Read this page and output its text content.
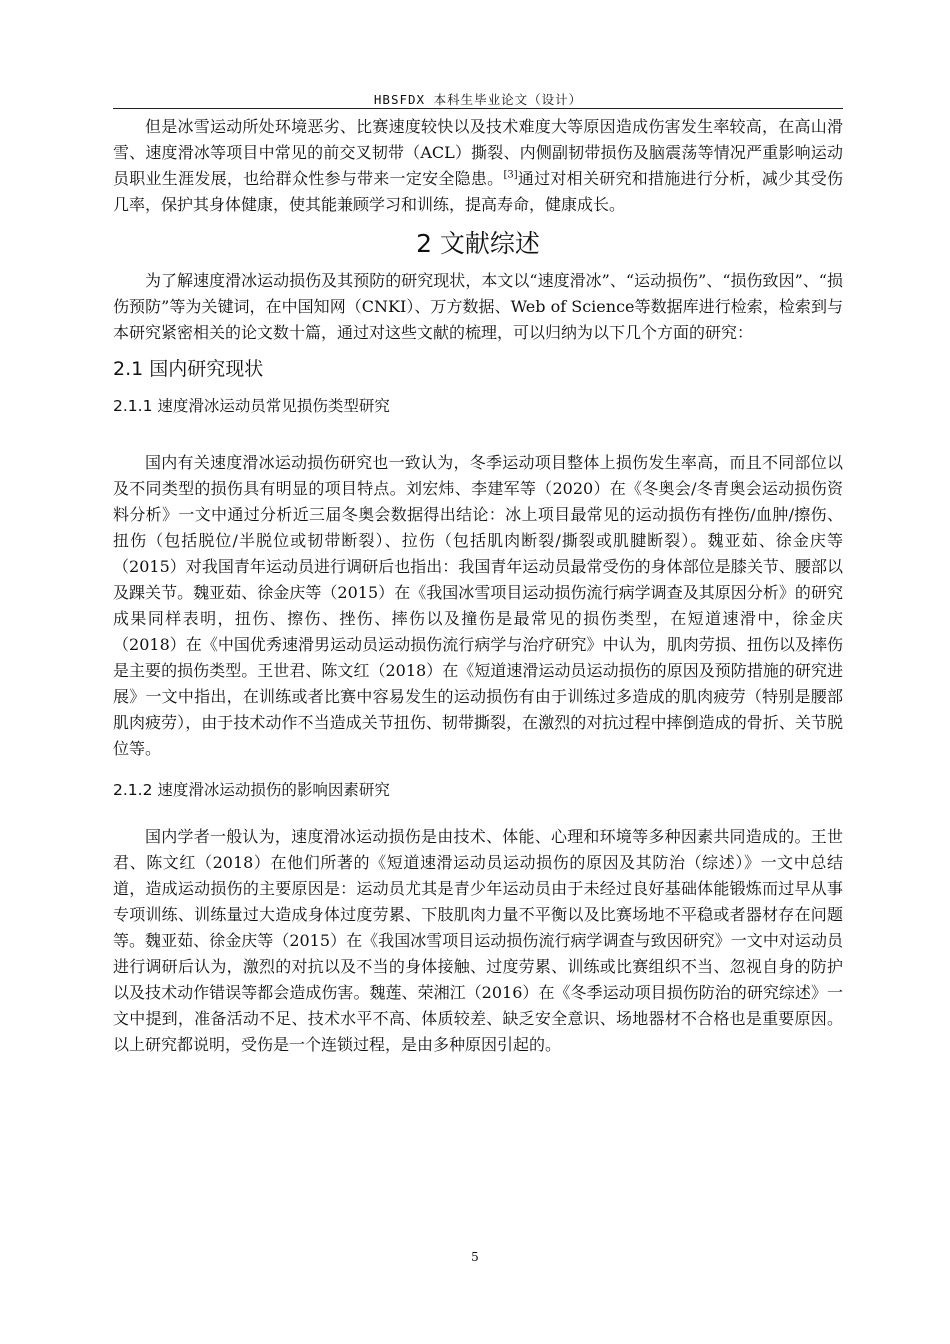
HBSFDX 本科生毕业论文（设计）

但是冰雪运动所处环境恶劣、比赛速度较快以及技术难度大等原因造成伤害发生率较高，在高山滑雪、速度滑冰等项目中常见的前交叉韧带（ACL）撕裂、内侧副韧带损伤及脑震荡等情况严重影响运动员职业生涯发展，也给群众性参与带来一定安全隐患。[3]通过对相关研究和措施进行分析，减少其受伤几率，保护其身体健康，使其能兼顾学习和训练，提高寿命，健康成长。

2 文献综述

为了解速度滑冰运动损伤及其预防的研究现状，本文以“速度滑冰”、“运动损伤”、“损伤致因”、“损伤预防”等为关键词，在中国知网（CNKI）、万方数据、Web of Science等数据库进行检索，检索到与本研究紧密相关的论文数十篇，通过对这些文献的梳理，可以归纳为以下几个方面的研究：

2.1 国内研究现状
2.1.1 速度滑冰运动员常见损伤类型研究

国内有关速度滑冰运动损伤研究也一致认为，冬季运动项目整体上损伤发生率高，而且不同部位以及不同类型的损伤具有明显的项目特点。刘宏炜、李建军等（2020）在《冬奥会/冬青奥会运动损伤资料分析》一文中通过分析近三届冬奥会数据得出结论：冰上项目最常见的运动损伤有挫伤/血肿/擦伤、扭伤（包括脱位/半脱位或韧带断裂）、拉伤（包括肌肉断裂/撕裂或肌腱断裂）。魏亚茹、徐金庆等（2015）对我国青年运动员进行调研后也指出：我国青年运动员最常受伤的身体部位是膝关节、腰部以及踝关节。魏亚茹、徐金庆等（2015）在《我国冰雪项目运动损伤流行病学调查及其原因分析》的研究成果同样表明，扭伤、擦伤、挫伤、摔伤以及撞伤是最常见的损伤类型，在短道速滑中，徐金庆（2018）在《中国优秀速滑男运动员运动损伤流行病学与治疗研究》中认为，肌肉劳损、扭伤以及摔伤是主要的损伤类型。王世君、陈文红（2018）在《短道速滑运动员运动损伤的原因及预防措施的研究进展》一文中指出，在训练或者比赛中容易发生的运动损伤有由于训练过多造成的肌肉疲劳（特别是腰部肌肉疲劳），由于技术动作不当造成关节扭伤、韧带撕裂，在激烈的对抗过程中摔倒造成的骨折、关节脱位等。

2.1.2 速度滑冰运动损伤的影响因素研究

国内学者一般认为，速度滑冰运动损伤是由技术、体能、心理和环境等多种因素共同造成的。王世君、陈文红（2018）在他们所著的《短道速滑运动员运动损伤的原因及其防治（综述）》一文中总结道，造成运动损伤的主要原因是：运动员尤其是青少年运动员由于未经过良好基础体能锻炼而过早从事专项训练、训练量过大造成身体过度劳累、下肢肌肉力量不平衡以及比赛场地不平稳或者器材存在问题等。魏亚茹、徐金庆等（2015）在《我国冰雪项目运动损伤流行病学调查与致因研究》一文中对运动员进行调研后认为，激烈的对抗以及不当的身体接触、过度劳累、训练或比赛组织不当、忽视自身的防护以及技术动作错误等都会造成伤害。魏莲、荣湘江（2016）在《冬季运动项目损伤防治的研究综述》一文中提到，准备活动不足、技术水平不高、体质较差、缺乏安全意识、场地器材不合格也是重要原因。以上研究都说明，受伤是一个连锁过程，是由多种原因引起的。

5
